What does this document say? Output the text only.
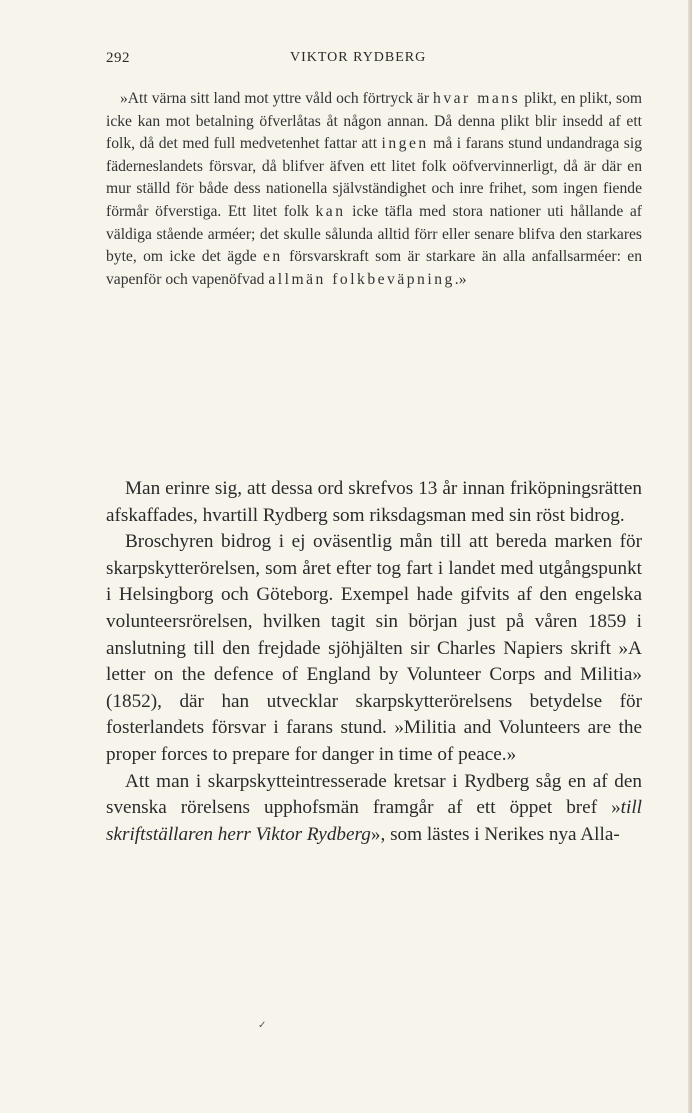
292	VIKTOR RYDBERG

»Att värna sitt land mot yttre våld och förtryck är hvar mans plikt, en plikt, som icke kan mot betalning öfverlåtas åt någon annan. Då denna plikt blir insedd af ett folk, då det med full medvetenhet fattar att ingen må i farans stund undandraga sig fäderneslandets försvar, då blifver äfven ett litet folk oöfvervinnerligt, då är där en mur ställd för både dess nationella självständighet och inre frihet, som ingen fiende förmår öfverstiga. Ett litet folk kan icke täfla med stora nationer uti hållande af väldiga stående arméer; det skulle sålunda alltid förr eller senare blifva den starkares byte, om icke det ägde en försvarskraft som är starkare än alla anfallsarméer: en vapenför och vapenöfvad allmän folkbeväpning.»

Man erinre sig, att dessa ord skrefvos 13 år innan friköpningsrätten afskaffades, hvartill Rydberg som riksdagsman med sin röst bidrog.

Broschyren bidrog i ej oväsentlig mån till att bereda marken för skarpskytterörelsen, som året efter tog fart i landet med utgångspunkt i Helsingborg och Göteborg. Exempel hade gifvits af den engelska volunteersrörelsen, hvilken tagit sin början just på våren 1859 i anslutning till den frejdade sjöhjälten sir Charles Napiers skrift »A letter on the defence of England by Volunteer Corps and Militia» (1852), där han utvecklar skarpskytterörelsens betydelse för fosterlandets försvar i farans stund. »Militia and Volunteers are the proper forces to prepare for danger in time of peace.»

Att man i skarpskytteintresserade kretsar i Rydberg såg en af den svenska rörelsens upphofsmän framgår af ett öppet bref »till skriftställaren herr Viktor Rydberg», som lästes i Nerikes nya Alla-

✓
